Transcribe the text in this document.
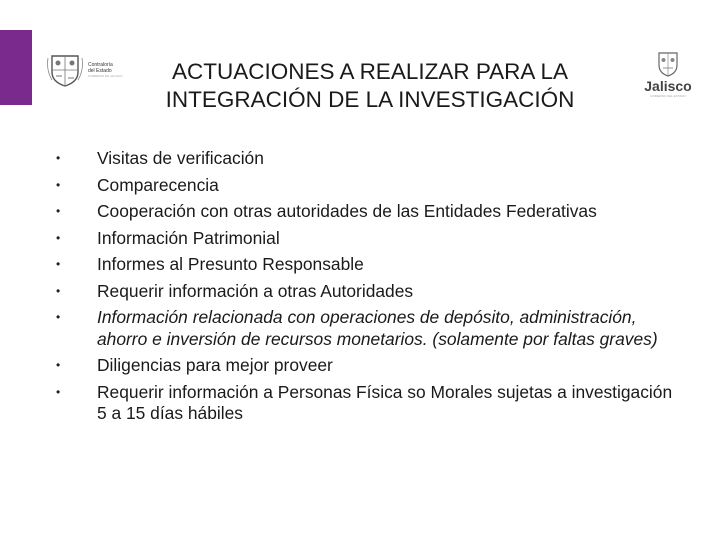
Contraloría
del Estado
GOBIERNO DE JALISCO	ACTUACIONES A REALIZAR PARA LA
INTEGRACIÓN DE LA INVESTIGACIÓN
Jalisco
GOBIERNO DEL ESTADO
• Visitas de verificación
• Comparecencia
• Cooperación con otras autoridades de las Entidades Federativas
• Información Patrimonial
• Informes al Presunto Responsable
• Requerir información a otras Autoridades
• Información relacionada con operaciones de depósito, administración, ahorro e inversión de recursos monetarios. (solamente por faltas graves)
• Diligencias para mejor proveer
• Requerir información a Personas Física so Morales sujetas a investigación 5 a 15 días hábiles
